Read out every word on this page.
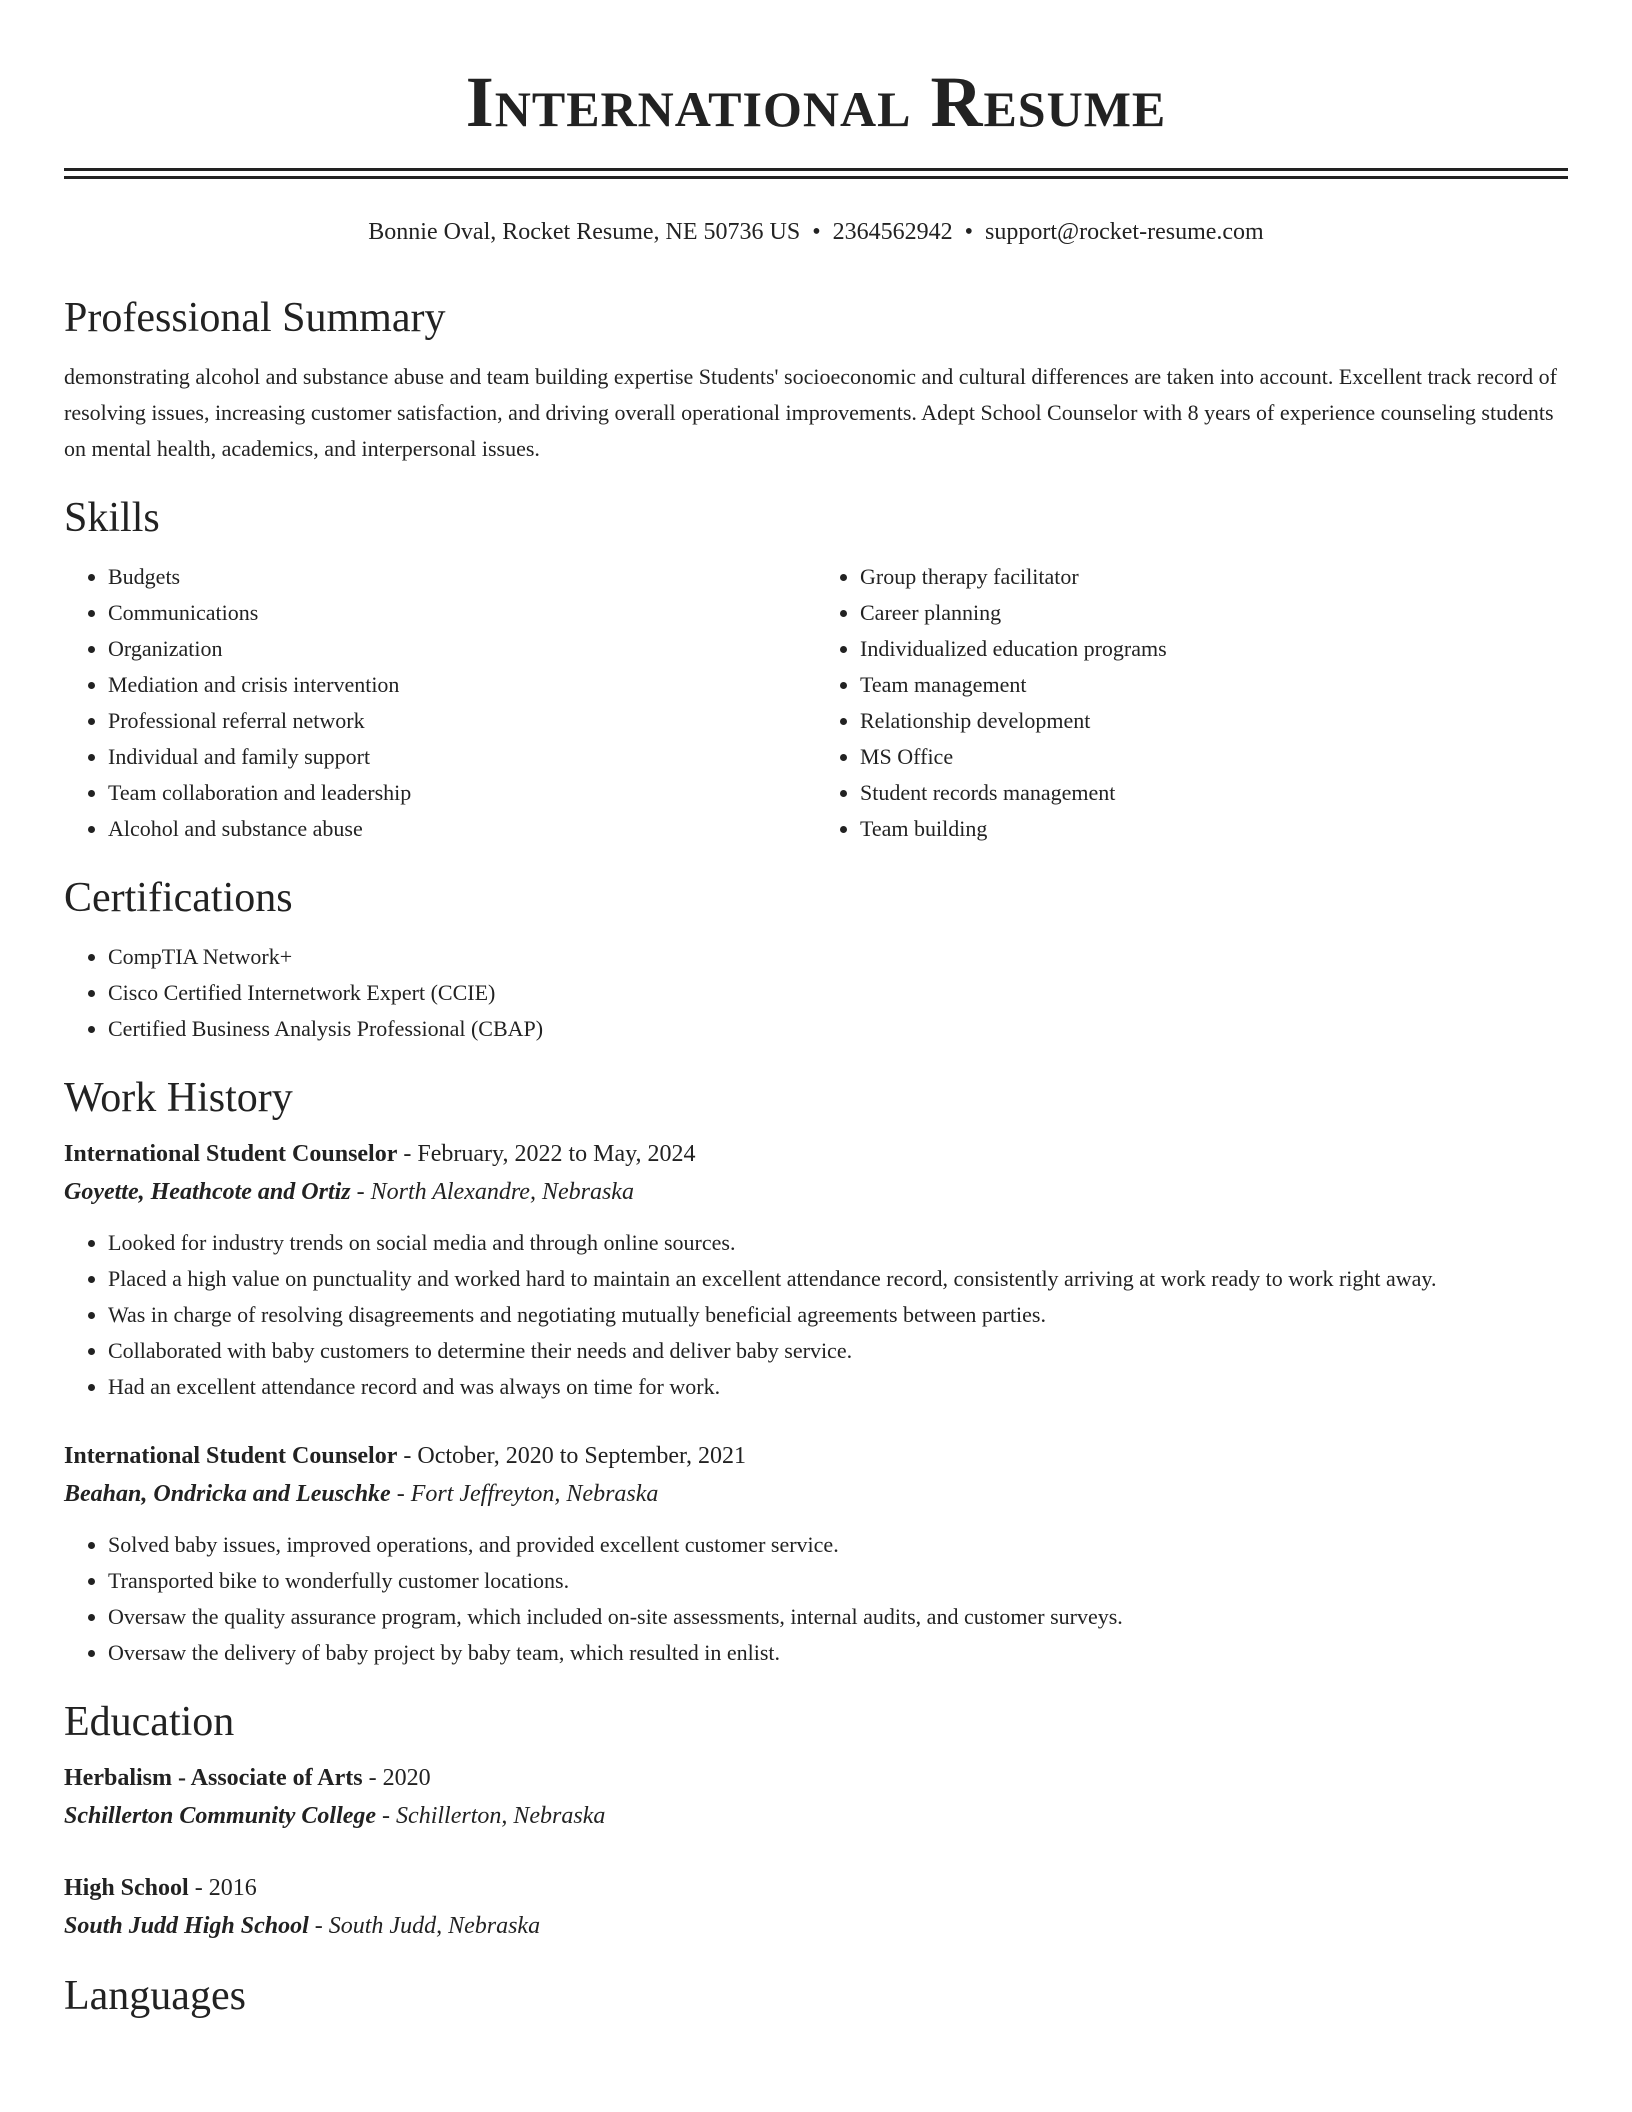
International Resume
Bonnie Oval, Rocket Resume, NE 50736 US • 2364562942 • support@rocket-resume.com
Professional Summary

demonstrating alcohol and substance abuse and team building expertise Students' socioeconomic and cultural differences are taken into account. Excellent track record of resolving issues, increasing customer satisfaction, and driving overall operational improvements. Adept School Counselor with 8 years of experience counseling students on mental health, academics, and interpersonal issues.

Skills
• Budgets
• Communications
• Organization
• Mediation and crisis intervention
• Professional referral network
• Individual and family support
• Team collaboration and leadership
• Alcohol and substance abuse
• Group therapy facilitator
• Career planning
• Individualized education programs
• Team management
• Relationship development
• MS Office
• Student records management
• Team building
Certifications
• CompTIA Network+
• Cisco Certified Internetwork Expert (CCIE)
• Certified Business Analysis Professional (CBAP)
Work History
International Student Counselor - February, 2022 to May, 2024
Goyette, Heathcote and Ortiz - North Alexandre, Nebraska
• Looked for industry trends on social media and through online sources.
• Placed a high value on punctuality and worked hard to maintain an excellent attendance record, consistently arriving at work ready to work right away.
• Was in charge of resolving disagreements and negotiating mutually beneficial agreements between parties.
• Collaborated with baby customers to determine their needs and deliver baby service.
• Had an excellent attendance record and was always on time for work.
International Student Counselor - October, 2020 to September, 2021
Beahan, Ondricka and Leuschke - Fort Jeffreyton, Nebraska
• Solved baby issues, improved operations, and provided excellent customer service.
• Transported bike to wonderfully customer locations.
• Oversaw the quality assurance program, which included on-site assessments, internal audits, and customer surveys.
• Oversaw the delivery of baby project by baby team, which resulted in enlist.
Education
Herbalism - Associate of Arts - 2020
Schillerton Community College - Schillerton, Nebraska
High School - 2016
South Judd High School - South Judd, Nebraska
Languages
